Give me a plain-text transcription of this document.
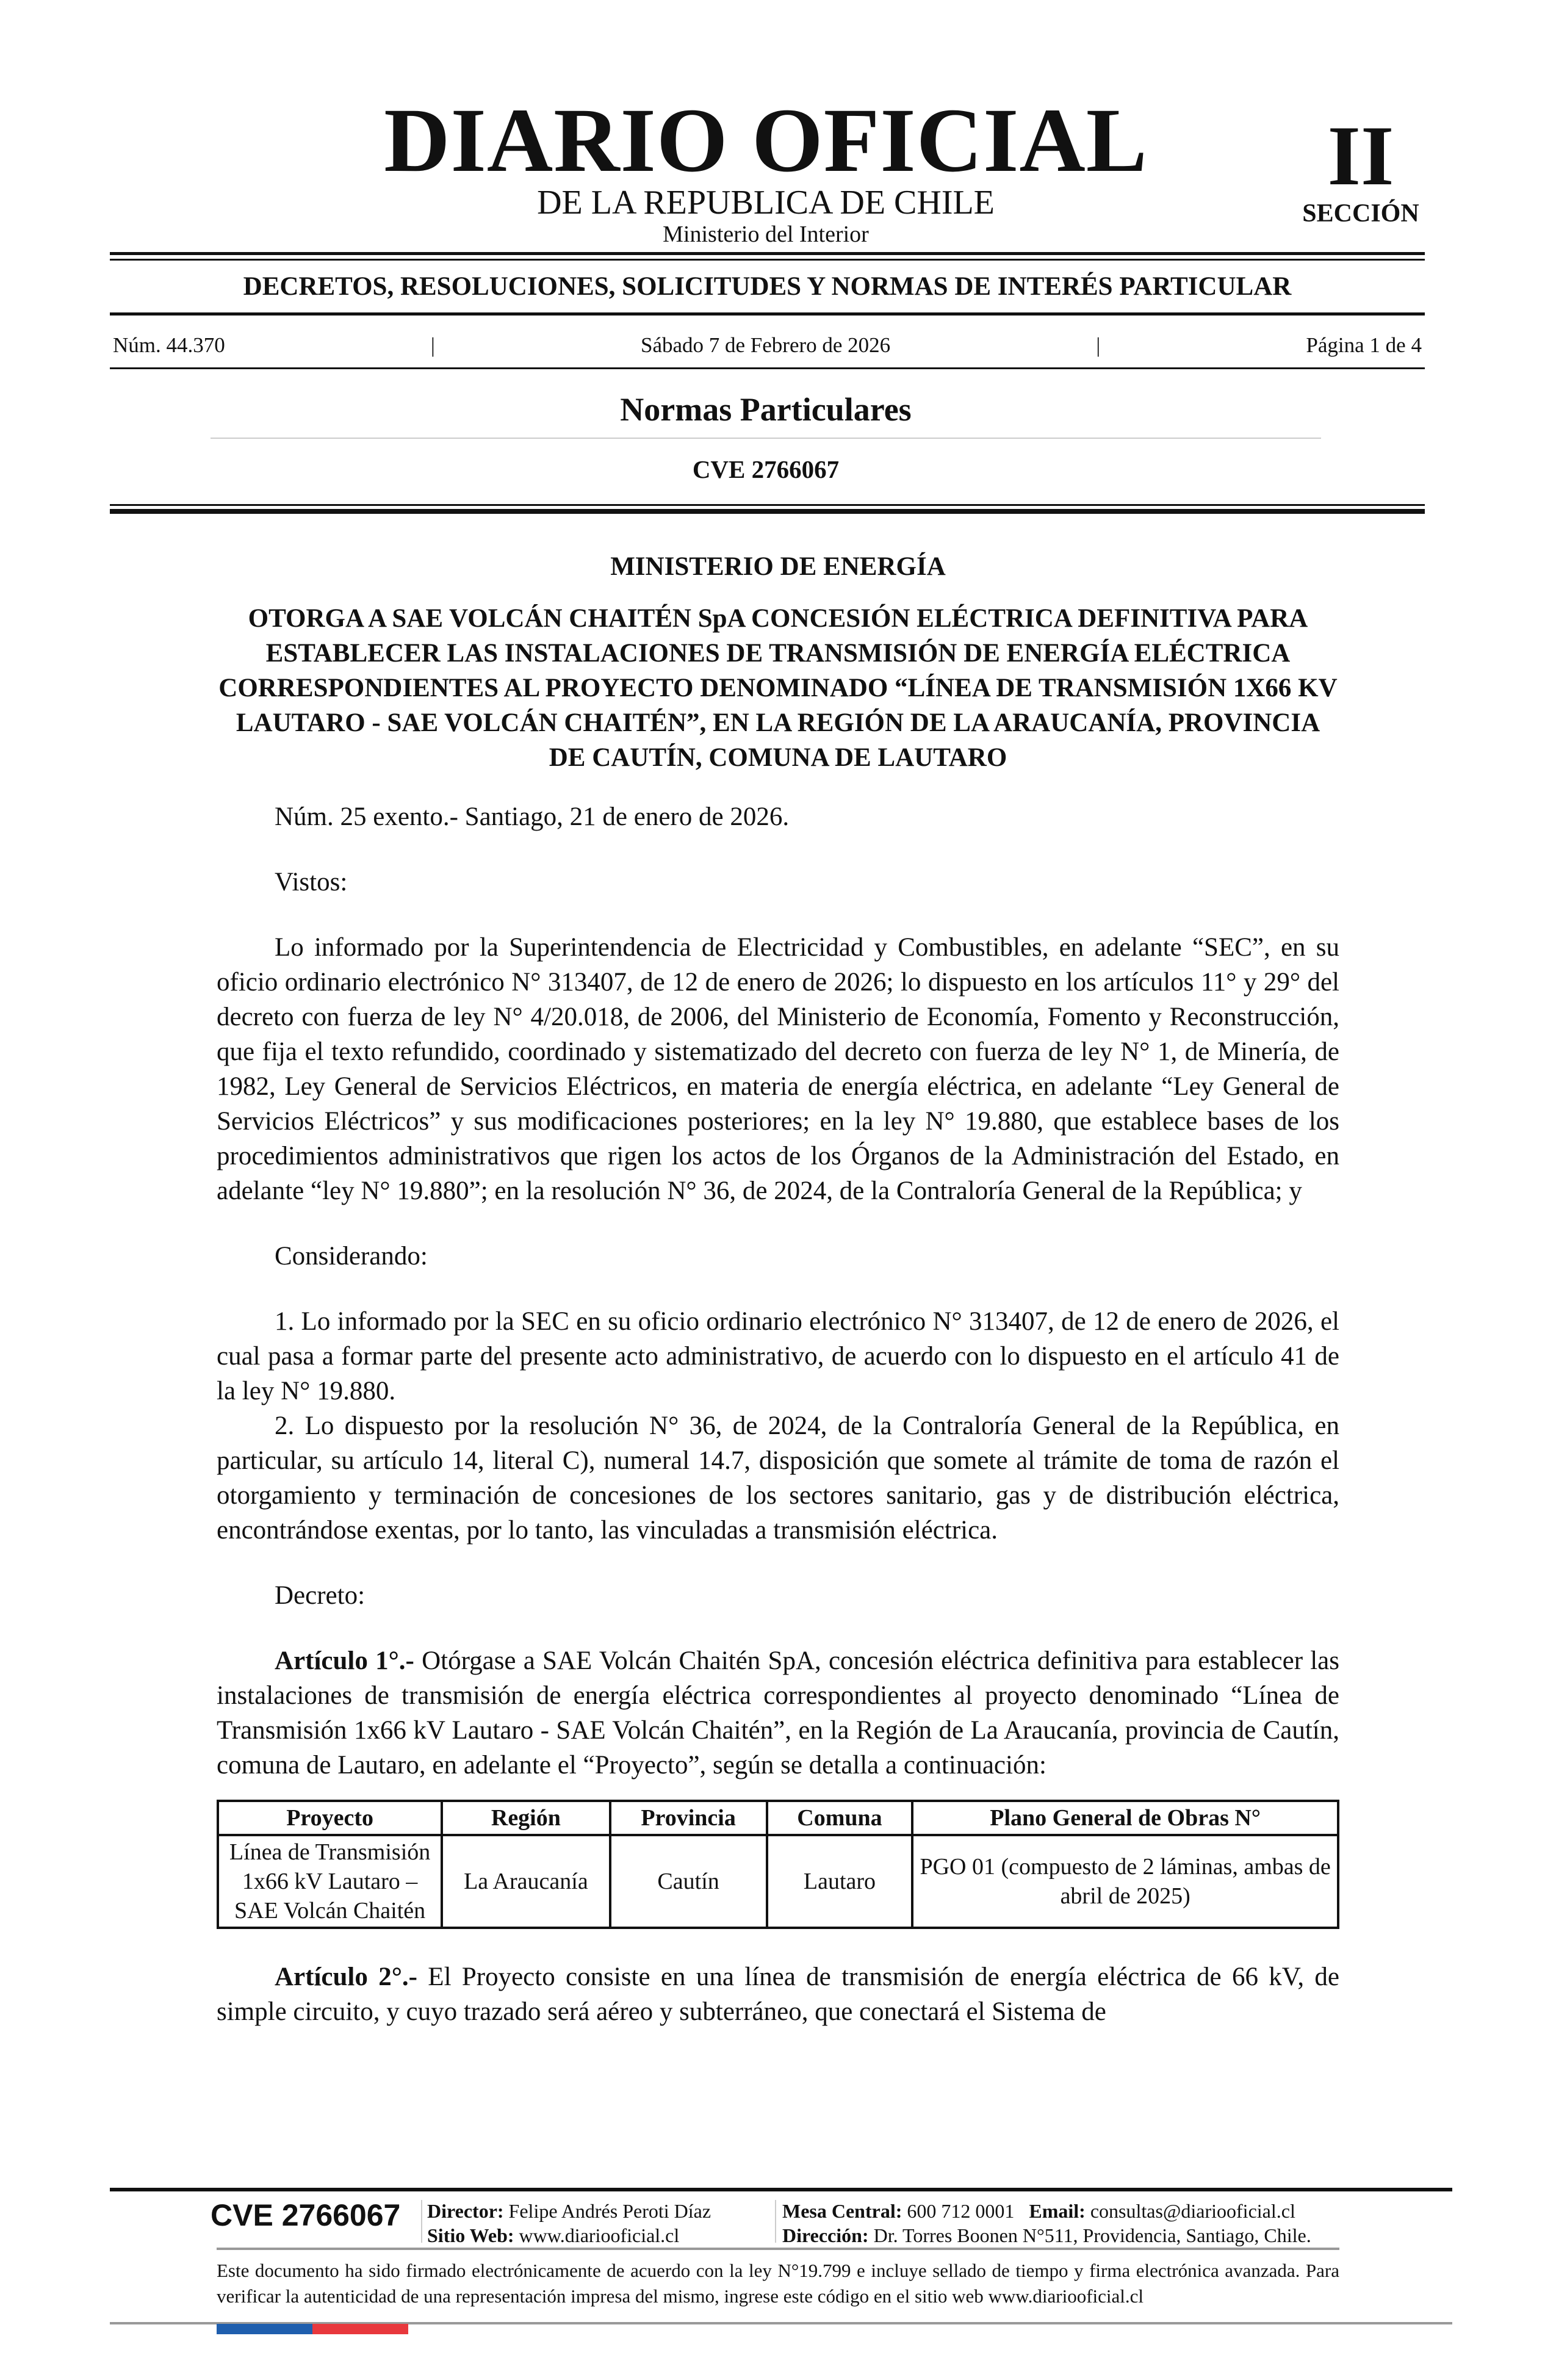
DIARIO OFICIAL
DE LA REPUBLICA DE CHILE
Ministerio del Interior
II
SECCIÓN
DECRETOS, RESOLUCIONES, SOLICITUDES Y NORMAS DE INTERÉS PARTICULAR
Núm. 44.370	|	Sábado 7 de Febrero de 2026	|	Página 1 de 4
Normas Particulares
CVE 2766067

MINISTERIO DE ENERGÍA

OTORGA A SAE VOLCÁN CHAITÉN SpA CONCESIÓN ELÉCTRICA DEFINITIVA PARA ESTABLECER LAS INSTALACIONES DE TRANSMISIÓN DE ENERGÍA ELÉCTRICA CORRESPONDIENTES AL PROYECTO DENOMINADO “LÍNEA DE TRANSMISIÓN 1X66 KV LAUTARO - SAE VOLCÁN CHAITÉN”, EN LA REGIÓN DE LA ARAUCANÍA, PROVINCIA DE CAUTÍN, COMUNA DE LAUTARO

Núm. 25 exento.- Santiago, 21 de enero de 2026.

Vistos:

Lo informado por la Superintendencia de Electricidad y Combustibles, en adelante “SEC”, en su oficio ordinario electrónico N° 313407, de 12 de enero de 2026; lo dispuesto en los artículos 11° y 29° del decreto con fuerza de ley N° 4/20.018, de 2006, del Ministerio de Economía, Fomento y Reconstrucción, que fija el texto refundido, coordinado y sistematizado del decreto con fuerza de ley N° 1, de Minería, de 1982, Ley General de Servicios Eléctricos, en materia de energía eléctrica, en adelante “Ley General de Servicios Eléctricos” y sus modificaciones posteriores; en la ley N° 19.880, que establece bases de los procedimientos administrativos que rigen los actos de los Órganos de la Administración del Estado, en adelante “ley N° 19.880”; en la resolución N° 36, de 2024, de la Contraloría General de la República; y

Considerando:

1. Lo informado por la SEC en su oficio ordinario electrónico N° 313407, de 12 de enero de 2026, el cual pasa a formar parte del presente acto administrativo, de acuerdo con lo dispuesto en el artículo 41 de la ley N° 19.880.

2. Lo dispuesto por la resolución N° 36, de 2024, de la Contraloría General de la República, en particular, su artículo 14, literal C), numeral 14.7, disposición que somete al trámite de toma de razón el otorgamiento y terminación de concesiones de los sectores sanitario, gas y de distribución eléctrica, encontrándose exentas, por lo tanto, las vinculadas a transmisión eléctrica.

Decreto:

Artículo 1°.- Otórgase a SAE Volcán Chaitén SpA, concesión eléctrica definitiva para establecer las instalaciones de transmisión de energía eléctrica correspondientes al proyecto denominado “Línea de Transmisión 1x66 kV Lautaro - SAE Volcán Chaitén”, en la Región de La Araucanía, provincia de Cautín, comuna de Lautaro, en adelante el “Proyecto”, según se detalla a continuación:

Proyecto	Región	Provincia	Comuna	Plano General de Obras N°
Línea de Transmisión 1x66 kV Lautaro – SAE Volcán Chaitén	La Araucanía	Cautín	Lautaro	PGO 01 (compuesto de 2 láminas, ambas de abril de 2025)

Artículo 2°.- El Proyecto consiste en una línea de transmisión de energía eléctrica de 66 kV, de simple circuito, y cuyo trazado será aéreo y subterráneo, que conectará el Sistema de

CVE 2766067 Director: Felipe Andrés Peroti Díaz
Sitio Web: www.diariooficial.cl
Mesa Central: 600 712 0001 Email: consultas@diariooficial.cl
Dirección: Dr. Torres Boonen N°511, Providencia, Santiago, Chile.
Este documento ha sido firmado electrónicamente de acuerdo con la ley N°19.799 e incluye sellado de tiempo y firma electrónica avanzada. Para verificar la autenticidad de una representación impresa del mismo, ingrese este código en el sitio web www.diariooficial.cl
